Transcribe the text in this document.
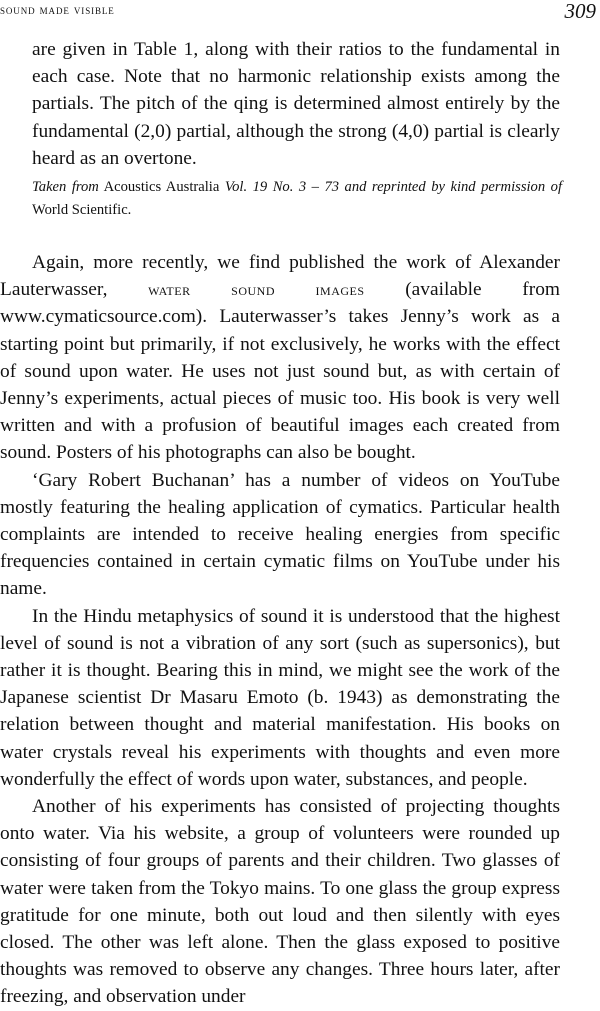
sound made visible	309

are given in Table 1, along with their ratios to the fundamental in each case. Note that no harmonic relationship exists among the partials. The pitch of the qing is determined almost entirely by the fundamental (2,0) partial, although the strong (4,0) partial is clearly heard as an overtone.

Taken from Acoustics Australia Vol. 19 No. 3 – 73 and reprinted by kind permission of World Scientific.

Again, more recently, we find published the work of Alexander Lauterwasser, water sound images (available from www.cymaticsource.com). Lauterwasser’s takes Jenny’s work as a starting point but primarily, if not exclusively, he works with the effect of sound upon water. He uses not just sound but, as with certain of Jenny’s experiments, actual pieces of music too. His book is very well written and with a profusion of beautiful images each created from sound. Posters of his photographs can also be bought.

‘Gary Robert Buchanan’ has a number of videos on YouTube mostly featuring the healing application of cymatics. Particular health complaints are intended to receive healing energies from specific frequencies contained in certain cymatic films on YouTube under his name.

In the Hindu metaphysics of sound it is understood that the highest level of sound is not a vibration of any sort (such as supersonics), but rather it is thought. Bearing this in mind, we might see the work of the Japanese scientist Dr Masaru Emoto (b. 1943) as demonstrating the relation between thought and material manifestation. His books on water crystals reveal his experiments with thoughts and even more wonderfully the effect of words upon water, substances, and people.

Another of his experiments has consisted of projecting thoughts onto water. Via his website, a group of volunteers were rounded up consisting of four groups of parents and their children. Two glasses of water were taken from the Tokyo mains. To one glass the group express gratitude for one minute, both out loud and then silently with eyes closed. The other was left alone. Then the glass exposed to positive thoughts was removed to observe any changes. Three hours later, after freezing, and observation under
